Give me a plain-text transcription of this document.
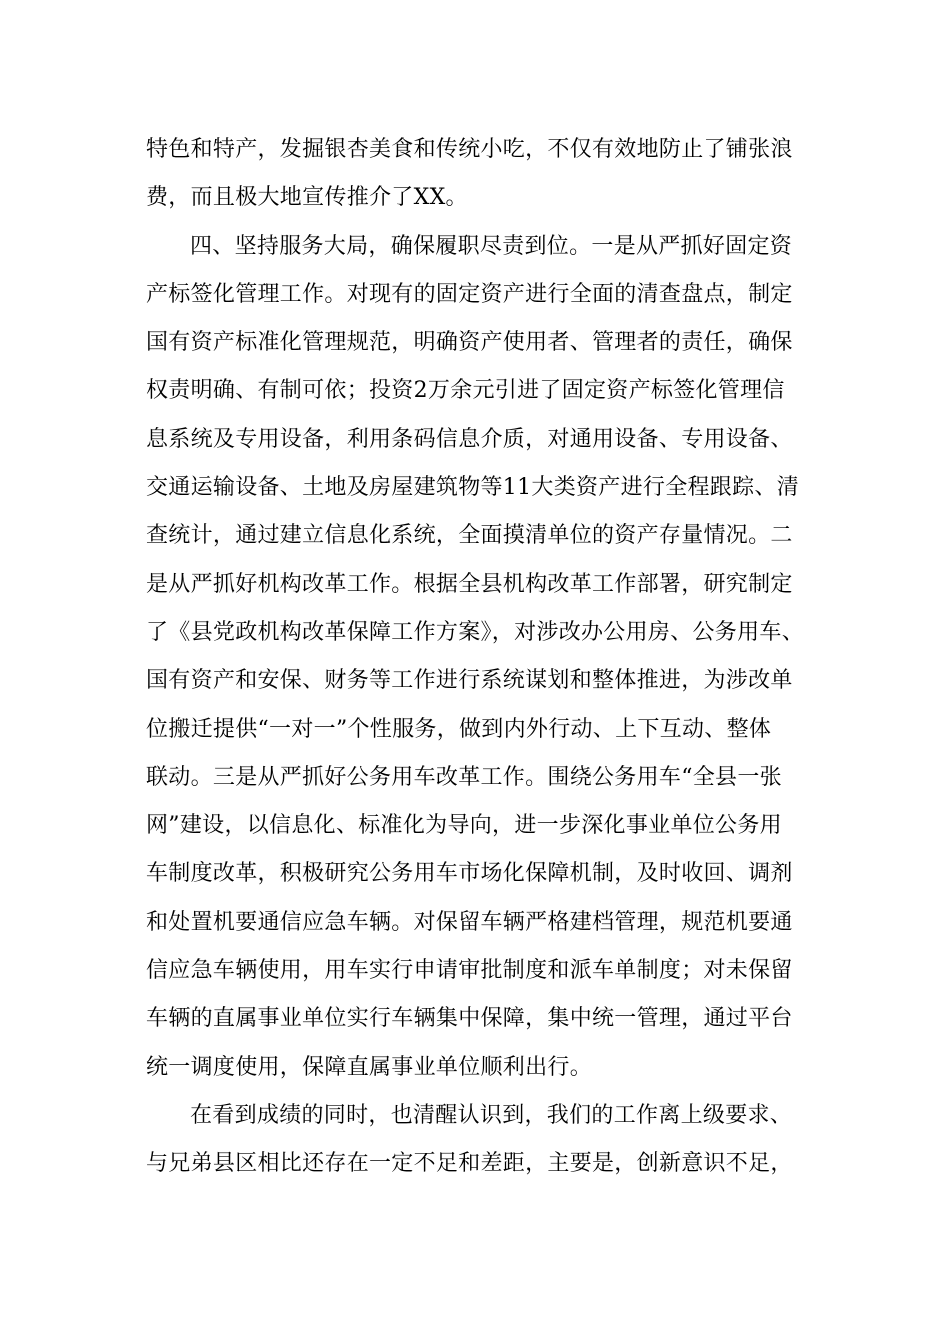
特色和特产，发掘银杏美食和传统小吃，不仅有效地防止了铺张浪
费，而且极大地宣传推介了XX。
四、坚持服务大局，确保履职尽责到位。一是从严抓好固定资
产标签化管理工作。对现有的固定资产进行全面的清查盘点，制定
国有资产标准化管理规范，明确资产使用者、管理者的责任，确保
权责明确、有制可依；投资2万余元引进了固定资产标签化管理信
息系统及专用设备，利用条码信息介质，对通用设备、专用设备、
交通运输设备、土地及房屋建筑物等11大类资产进行全程跟踪、清
查统计，通过建立信息化系统，全面摸清单位的资产存量情况。二
是从严抓好机构改革工作。根据全县机构改革工作部署，研究制定
了《县党政机构改革保障工作方案》，对涉改办公用房、公务用车、
国有资产和安保、财务等工作进行系统谋划和整体推进，为涉改单
位搬迁提供“一对一”个性服务，做到内外行动、上下互动、整体
联动。三是从严抓好公务用车改革工作。围绕公务用车“全县一张
网”建设，以信息化、标准化为导向，进一步深化事业单位公务用
车制度改革，积极研究公务用车市场化保障机制，及时收回、调剂
和处置机要通信应急车辆。对保留车辆严格建档管理，规范机要通
信应急车辆使用，用车实行申请审批制度和派车单制度；对未保留
车辆的直属事业单位实行车辆集中保障，集中统一管理，通过平台
统一调度使用，保障直属事业单位顺利出行。
在看到成绩的同时，也清醒认识到，我们的工作离上级要求、
与兄弟县区相比还存在一定不足和差距，主要是，创新意识不足，
